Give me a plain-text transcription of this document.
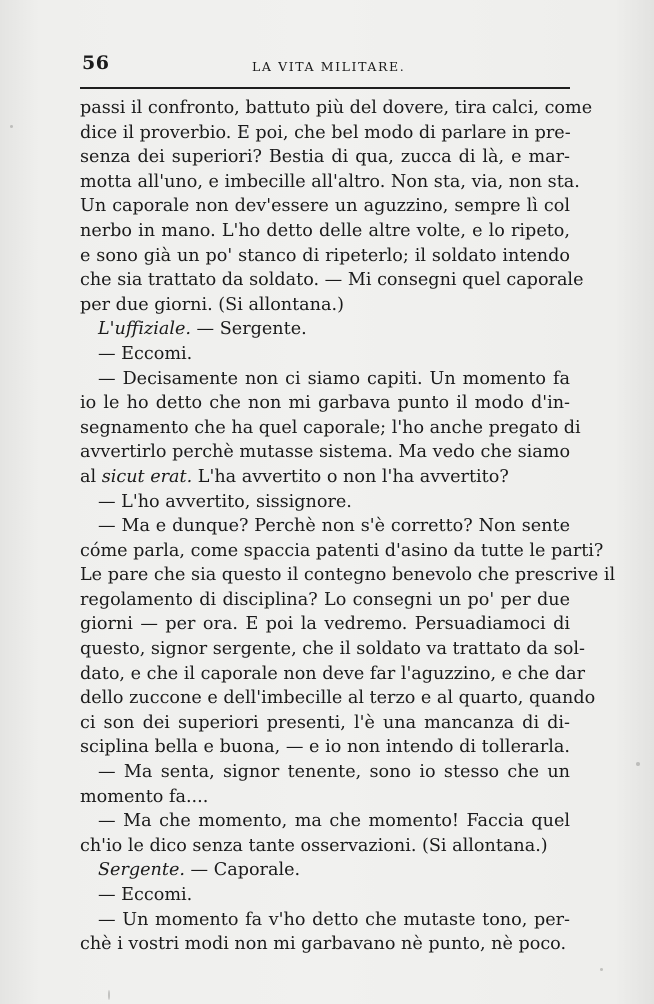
56	LA VITA MILITARE.
passi il confronto, battuto più del dovere, tira calci, come
dice il proverbio. E poi, che bel modo di parlare in pre-
senza dei superiori? Bestia di qua, zucca di là, e mar-
motta all'uno, e imbecille all'altro. Non sta, via, non sta.
Un caporale non dev'essere un aguzzino, sempre lì col
nerbo in mano. L'ho detto delle altre volte, e lo ripeto,
e sono già un po' stanco di ripeterlo; il soldato intendo
che sia trattato da soldato. — Mi consegni quel caporale
per due giorni. (Si allontana.)
L'uffiziale. — Sergente.
— Eccomi.
— Decisamente non ci siamo capiti. Un momento fa
io le ho detto che non mi garbava punto il modo d'in-
segnamento che ha quel caporale; l'ho anche pregato di
avvertirlo perchè mutasse sistema. Ma vedo che siamo
al sicut erat. L'ha avvertito o non l'ha avvertito?
— L'ho avvertito, sissignore.
— Ma e dunque? Perchè non s'è corretto? Non sente
cóme parla, come spaccia patenti d'asino da tutte le parti?
Le pare che sia questo il contegno benevolo che prescrive il
regolamento di disciplina? Lo consegni un po' per due
giorni — per ora. E poi la vedremo. Persuadiamoci di
questo, signor sergente, che il soldato va trattato da sol-
dato, e che il caporale non deve far l'aguzzino, e che dar
dello zuccone e dell'imbecille al terzo e al quarto, quando
ci son dei superiori presenti, l'è una mancanza di di-
sciplina bella e buona, — e io non intendo di tollerarla.
— Ma senta, signor tenente, sono io stesso che un
momento fa....
— Ma che momento, ma che momento! Faccia quel
ch'io le dico senza tante osservazioni. (Si allontana.)
Sergente. — Caporale.
— Eccomi.
— Un momento fa v'ho detto che mutaste tono, per-
chè i vostri modi non mi garbavano nè punto, nè poco.
